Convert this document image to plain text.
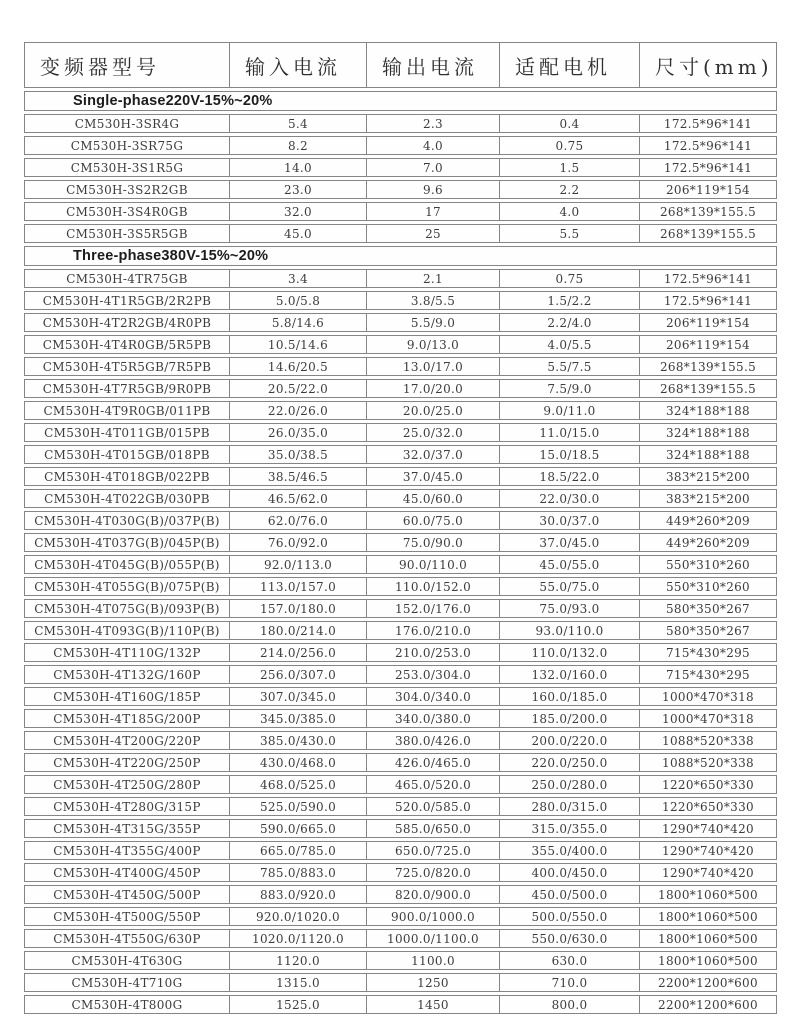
变频器型号	输入电流	输出电流	适配电机	尺寸(mm)
Single-phase220V-15%~20%				
CM530H-3SR4G	5.4	2.3	0.4	172.5*96*141
CM530H-3SR75G	8.2	4.0	0.75	172.5*96*141
CM530H-3S1R5G	14.0	7.0	1.5	172.5*96*141
CM530H-3S2R2GB	23.0	9.6	2.2	206*119*154
CM530H-3S4R0GB	32.0	17	4.0	268*139*155.5
CM530H-3S5R5GB	45.0	25	5.5	268*139*155.5
Three-phase380V-15%~20%				
CM530H-4TR75GB	3.4	2.1	0.75	172.5*96*141
CM530H-4T1R5GB/2R2PB	5.0/5.8	3.8/5.5	1.5/2.2	172.5*96*141
CM530H-4T2R2GB/4R0PB	5.8/14.6	5.5/9.0	2.2/4.0	206*119*154
CM530H-4T4R0GB/5R5PB	10.5/14.6	9.0/13.0	4.0/5.5	206*119*154
CM530H-4T5R5GB/7R5PB	14.6/20.5	13.0/17.0	5.5/7.5	268*139*155.5
CM530H-4T7R5GB/9R0PB	20.5/22.0	17.0/20.0	7.5/9.0	268*139*155.5
CM530H-4T9R0GB/011PB	22.0/26.0	20.0/25.0	9.0/11.0	324*188*188
CM530H-4T011GB/015PB	26.0/35.0	25.0/32.0	11.0/15.0	324*188*188
CM530H-4T015GB/018PB	35.0/38.5	32.0/37.0	15.0/18.5	324*188*188
CM530H-4T018GB/022PB	38.5/46.5	37.0/45.0	18.5/22.0	383*215*200
CM530H-4T022GB/030PB	46.5/62.0	45.0/60.0	22.0/30.0	383*215*200
CM530H-4T030G(B)/037P(B)	62.0/76.0	60.0/75.0	30.0/37.0	449*260*209
CM530H-4T037G(B)/045P(B)	76.0/92.0	75.0/90.0	37.0/45.0	449*260*209
CM530H-4T045G(B)/055P(B)	92.0/113.0	90.0/110.0	45.0/55.0	550*310*260
CM530H-4T055G(B)/075P(B)	113.0/157.0	110.0/152.0	55.0/75.0	550*310*260
CM530H-4T075G(B)/093P(B)	157.0/180.0	152.0/176.0	75.0/93.0	580*350*267
CM530H-4T093G(B)/110P(B)	180.0/214.0	176.0/210.0	93.0/110.0	580*350*267
CM530H-4T110G/132P	214.0/256.0	210.0/253.0	110.0/132.0	715*430*295
CM530H-4T132G/160P	256.0/307.0	253.0/304.0	132.0/160.0	715*430*295
CM530H-4T160G/185P	307.0/345.0	304.0/340.0	160.0/185.0	1000*470*318
CM530H-4T185G/200P	345.0/385.0	340.0/380.0	185.0/200.0	1000*470*318
CM530H-4T200G/220P	385.0/430.0	380.0/426.0	200.0/220.0	1088*520*338
CM530H-4T220G/250P	430.0/468.0	426.0/465.0	220.0/250.0	1088*520*338
CM530H-4T250G/280P	468.0/525.0	465.0/520.0	250.0/280.0	1220*650*330
CM530H-4T280G/315P	525.0/590.0	520.0/585.0	280.0/315.0	1220*650*330
CM530H-4T315G/355P	590.0/665.0	585.0/650.0	315.0/355.0	1290*740*420
CM530H-4T355G/400P	665.0/785.0	650.0/725.0	355.0/400.0	1290*740*420
CM530H-4T400G/450P	785.0/883.0	725.0/820.0	400.0/450.0	1290*740*420
CM530H-4T450G/500P	883.0/920.0	820.0/900.0	450.0/500.0	1800*1060*500
CM530H-4T500G/550P	920.0/1020.0	900.0/1000.0	500.0/550.0	1800*1060*500
CM530H-4T550G/630P	1020.0/1120.0	1000.0/1100.0	550.0/630.0	1800*1060*500
CM530H-4T630G	1120.0	1100.0	630.0	1800*1060*500
CM530H-4T710G	1315.0	1250	710.0	2200*1200*600
CM530H-4T800G	1525.0	1450	800.0	2200*1200*600
